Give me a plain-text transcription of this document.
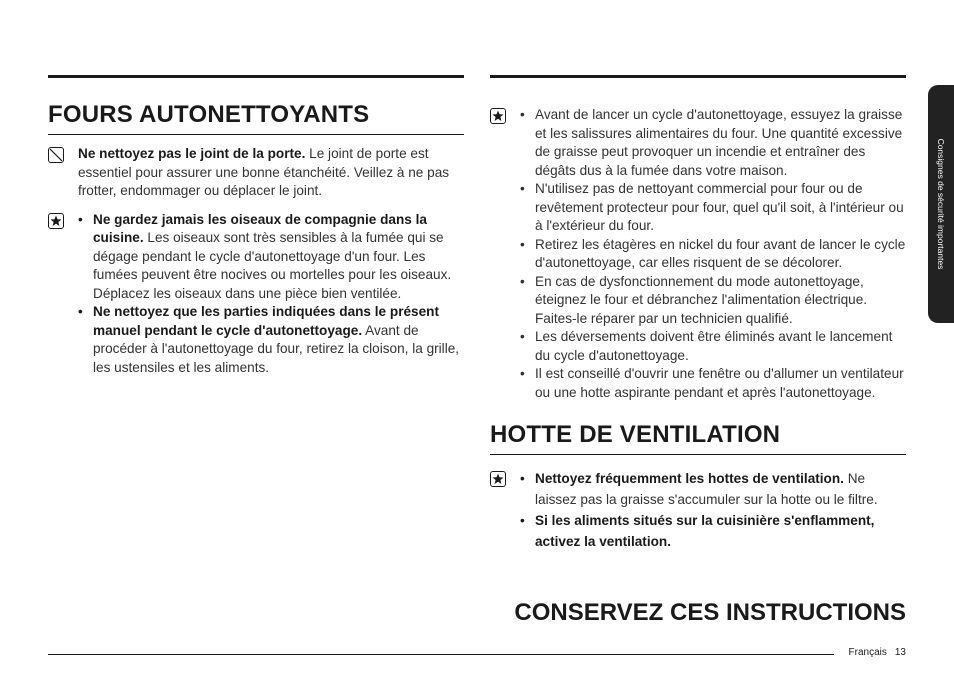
FOURS AUTONETTOYANTS

Ne nettoyez pas le joint de la porte. Le joint de porte est essentiel pour assurer une bonne étanchéité. Veillez à ne pas frotter, endommager ou déplacer le joint.

• Ne gardez jamais les oiseaux de compagnie dans la cuisine. Les oiseaux sont très sensibles à la fumée qui se dégage pendant le cycle d'autonettoyage d'un four. Les fumées peuvent être nocives ou mortelles pour les oiseaux. Déplacez les oiseaux dans une pièce bien ventilée.
• Ne nettoyez que les parties indiquées dans le présent manuel pendant le cycle d'autonettoyage. Avant de procéder à l'autonettoyage du four, retirez la cloison, la grille, les ustensiles et les aliments.
• Avant de lancer un cycle d'autonettoyage, essuyez la graisse et les salissures alimentaires du four. Une quantité excessive de graisse peut provoquer un incendie et entraîner des dégâts dus à la fumée dans votre maison.
• N'utilisez pas de nettoyant commercial pour four ou de revêtement protecteur pour four, quel qu'il soit, à l'intérieur ou à l'extérieur du four.
• Retirez les étagères en nickel du four avant de lancer le cycle d'autonettoyage, car elles risquent de se décolorer.
• En cas de dysfonctionnement du mode autonettoyage, éteignez le four et débranchez l'alimentation électrique. Faites-le réparer par un technicien qualifié.
• Les déversements doivent être éliminés avant le lancement du cycle d'autonettoyage.
• Il est conseillé d'ouvrir une fenêtre ou d'allumer un ventilateur ou une hotte aspirante pendant et après l'autonettoyage.
HOTTE DE VENTILATION
• Nettoyez fréquemment les hottes de ventilation. Ne laissez pas la graisse s'accumuler sur la hotte ou le filtre.
• Si les aliments situés sur la cuisinière s'enflamment, activez la ventilation.
CONSERVEZ CES INSTRUCTIONS
Français 13
Consignes de sécurité importantes
